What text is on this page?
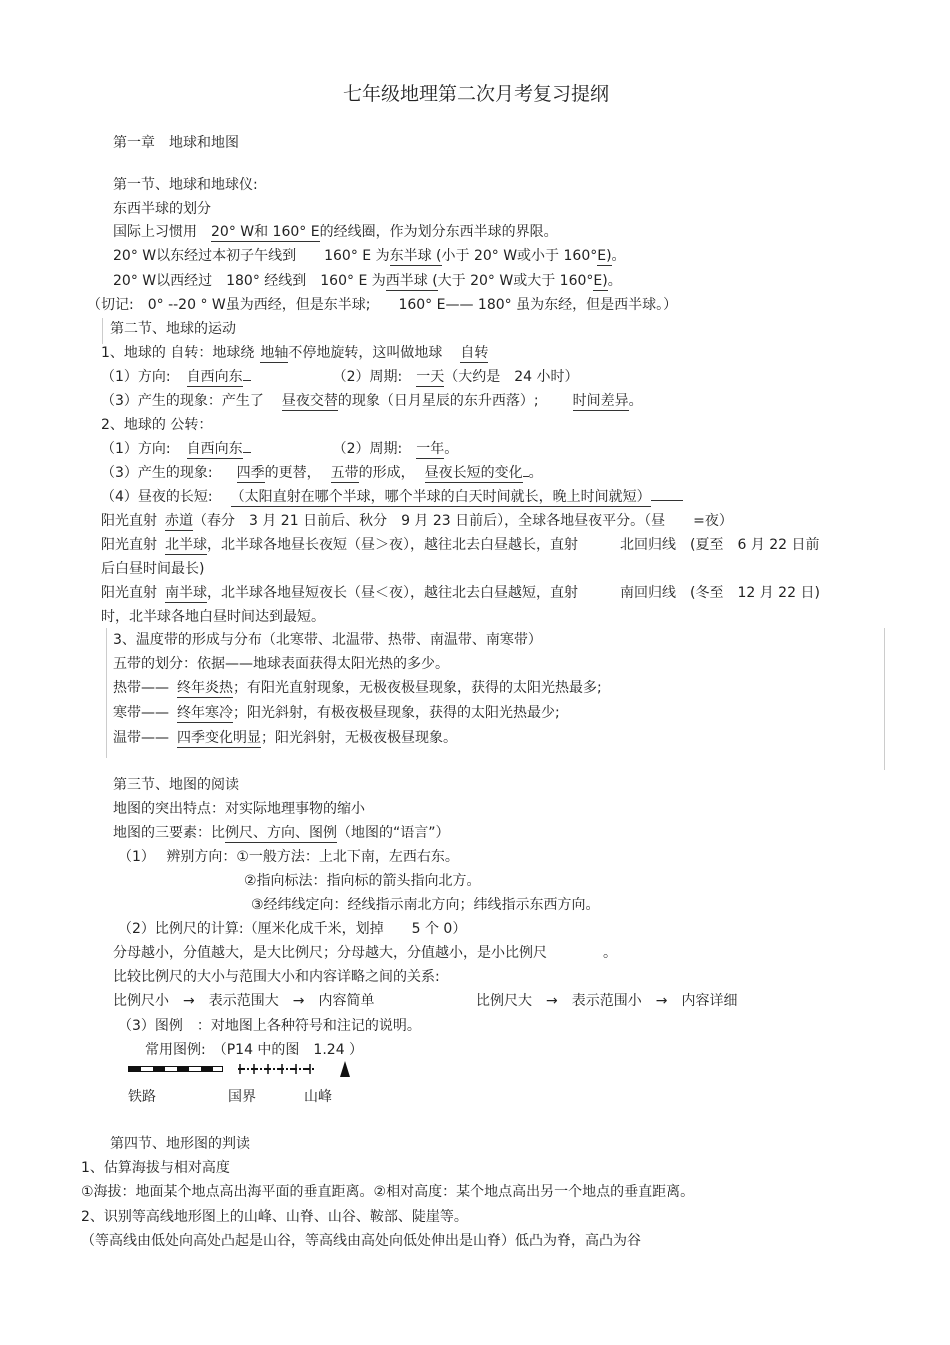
七年级地理第二次月考复习提纲
第一章　地球和地图
第一节、地球和地球仪:
东西半球的划分
国际上习惯用 20° W和 160° E的经线圈，作为划分东西半球的界限。
20° W以东经过本初子午线到　　160° E 为东半球 (小于 20° W或小于 160°E)。
20° W以西经过　180° 经线到　160° E 为西半球 (大于 20° W或大于 160°E)。
（切记:　0° --20 ° W虽为西经，但是东半球;　　160° E—— 180° 虽为东经，但是西半球。）
第二节、地球的运动
1、地球的 自转：地球绕 地轴不停地旋转，这叫做地球 自转
（1）方向: 自西向东	（2）周期: 一天（大约是　24 小时）
（3）产生的现象：产生了 昼夜交替的现象（日月星辰的东升西落）; 时间差异。
2、地球的 公转：
（1）方向: 自西向东	（2）周期: 一年。
（3）产生的现象: 四季的更替， 五带的形成， 昼夜长短的变化 。
（4）昼夜的长短: （太阳直射在哪个半球，哪个半球的白天时间就长，晚上时间就短）
阳光直射 赤道（春分　3 月 21 日前后、秋分　9 月 23 日前后），全球各地昼夜平分。（昼　　=夜）
阳光直射 北半球，北半球各地昼长夜短（昼＞夜），越往北去白昼越长，直射　　　北回归线　(夏至　6 月 22 日前
后白昼时间最长)
阳光直射 南半球，北半球各地昼短夜长（昼＜夜），越往北去白昼越短，直射　　　南回归线　(冬至　12 月 22 日)
时，北半球各地白昼时间达到最短。
3、温度带的形成与分布（北寒带、北温带、热带、南温带、南寒带）
五带的划分：依据——地球表面获得太阳光热的多少。
热带—— 终年炎热；有阳光直射现象，无极夜极昼现象，获得的太阳光热最多;
寒带—— 终年寒冷；阳光斜射，有极夜极昼现象，获得的太阳光热最少;
温带—— 四季变化明显；阳光斜射，无极夜极昼现象。
第三节、地图的阅读
地图的突出特点：对实际地理事物的缩小
地图的三要素：比例尺、方向、图例（地图的“语言”）
（1）　 辨别方向：①一般方法：上北下南，左西右东。
②指向标法：指向标的箭头指向北方。
③经纬线定向：经线指示南北方向；纬线指示东西方向。
（2）比例尺的计算:（厘米化成千米，划掉　　5 个 0）
分母越小，分值越大，是大比例尺；分母越大，分值越小，是小比例尺　　　　。
比较比例尺的大小与范围大小和内容详略之间的关系:
比例尺小　→　表示范围大　→　内容简单	比例尺大　→　表示范围小　→　内容详细
（3）图例　：对地图上各种符号和注记的说明。
常用图例:　（P14 中的图　1.24 ）
铁路	国界	山峰
第四节、地形图的判读
1、估算海拔与相对高度
①海拔：地面某个地点高出海平面的垂直距离。②相对高度：某个地点高出另一个地点的垂直距离。
2、识别等高线地形图上的山峰、山脊、山谷、鞍部、陡崖等。
（等高线由低处向高处凸起是山谷，等高线由高处向低处伸出是山脊）低凸为脊，高凸为谷
